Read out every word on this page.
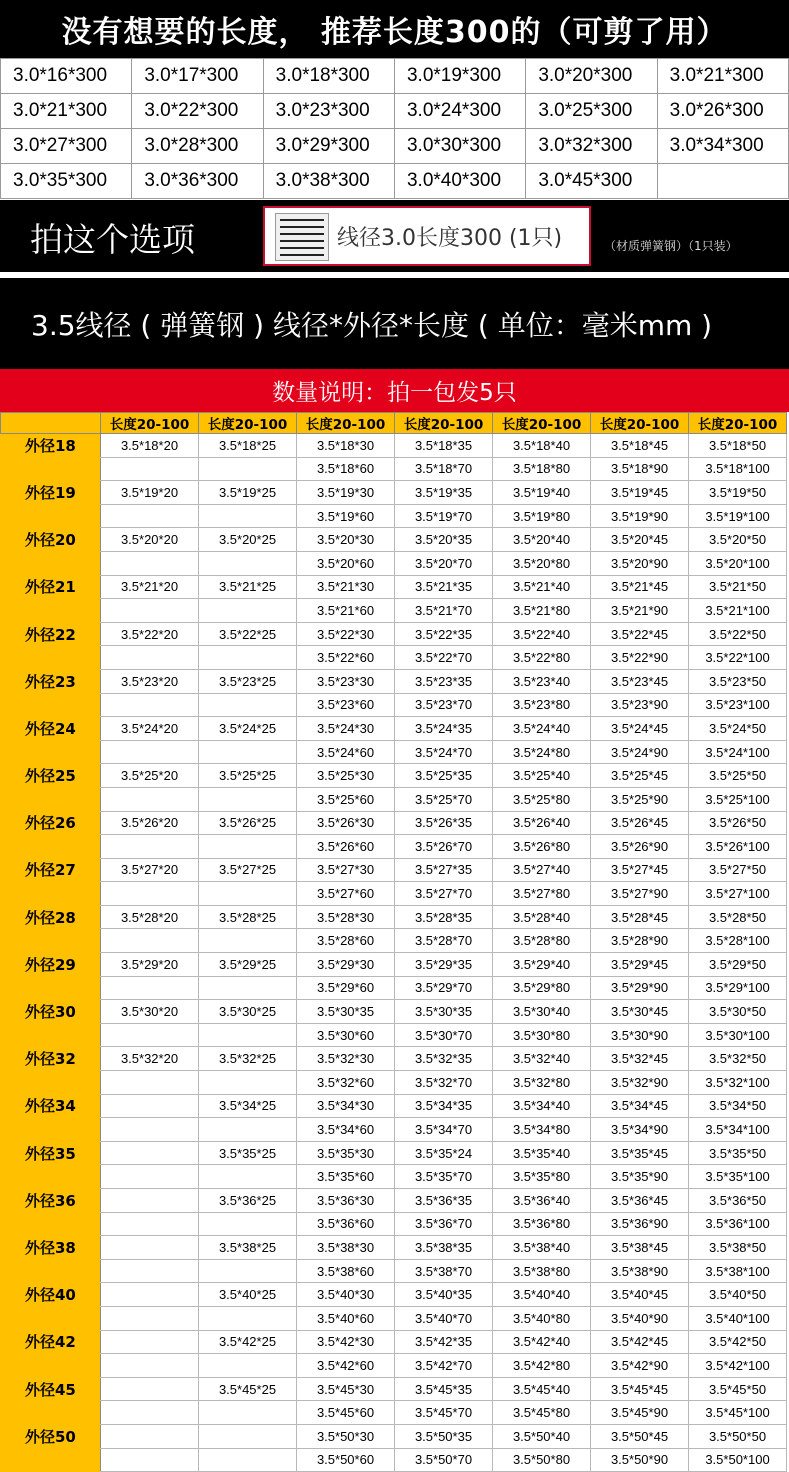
没有想要的长度， 推荐长度300的（可剪了用）
3.0*16*300	3.0*17*300	3.0*18*300	3.0*19*300	3.0*20*300	3.0*21*300
3.0*21*300	3.0*22*300	3.0*23*300	3.0*24*300	3.0*25*300	3.0*26*300
3.0*27*300	3.0*28*300	3.0*29*300	3.0*30*300	3.0*32*300	3.0*34*300
3.0*35*300	3.0*36*300	3.0*38*300	3.0*40*300	3.0*45*300	
拍这个选项	线径3.0长度300 (1只)	（材质弹簧钢）（1只装）
3.5线径 ( 弹簧钢 ) 线径*外径*长度 ( 单位：毫米mm )
数量说明：拍一包发5只
	长度20-100	长度20-100	长度20-100	长度20-100	长度20-100	长度20-100	长度20-100
外径18	3.5*18*20	3.5*18*25	3.5*18*30	3.5*18*35	3.5*18*40	3.5*18*45	3.5*18*50
			3.5*18*60	3.5*18*70	3.5*18*80	3.5*18*90	3.5*18*100
外径19	3.5*19*20	3.5*19*25	3.5*19*30	3.5*19*35	3.5*19*40	3.5*19*45	3.5*19*50
			3.5*19*60	3.5*19*70	3.5*19*80	3.5*19*90	3.5*19*100
外径20	3.5*20*20	3.5*20*25	3.5*20*30	3.5*20*35	3.5*20*40	3.5*20*45	3.5*20*50
			3.5*20*60	3.5*20*70	3.5*20*80	3.5*20*90	3.5*20*100
外径21	3.5*21*20	3.5*21*25	3.5*21*30	3.5*21*35	3.5*21*40	3.5*21*45	3.5*21*50
			3.5*21*60	3.5*21*70	3.5*21*80	3.5*21*90	3.5*21*100
外径22	3.5*22*20	3.5*22*25	3.5*22*30	3.5*22*35	3.5*22*40	3.5*22*45	3.5*22*50
			3.5*22*60	3.5*22*70	3.5*22*80	3.5*22*90	3.5*22*100
外径23	3.5*23*20	3.5*23*25	3.5*23*30	3.5*23*35	3.5*23*40	3.5*23*45	3.5*23*50
			3.5*23*60	3.5*23*70	3.5*23*80	3.5*23*90	3.5*23*100
外径24	3.5*24*20	3.5*24*25	3.5*24*30	3.5*24*35	3.5*24*40	3.5*24*45	3.5*24*50
			3.5*24*60	3.5*24*70	3.5*24*80	3.5*24*90	3.5*24*100
外径25	3.5*25*20	3.5*25*25	3.5*25*30	3.5*25*35	3.5*25*40	3.5*25*45	3.5*25*50
			3.5*25*60	3.5*25*70	3.5*25*80	3.5*25*90	3.5*25*100
外径26	3.5*26*20	3.5*26*25	3.5*26*30	3.5*26*35	3.5*26*40	3.5*26*45	3.5*26*50
			3.5*26*60	3.5*26*70	3.5*26*80	3.5*26*90	3.5*26*100
外径27	3.5*27*20	3.5*27*25	3.5*27*30	3.5*27*35	3.5*27*40	3.5*27*45	3.5*27*50
			3.5*27*60	3.5*27*70	3.5*27*80	3.5*27*90	3.5*27*100
外径28	3.5*28*20	3.5*28*25	3.5*28*30	3.5*28*35	3.5*28*40	3.5*28*45	3.5*28*50
			3.5*28*60	3.5*28*70	3.5*28*80	3.5*28*90	3.5*28*100
外径29	3.5*29*20	3.5*29*25	3.5*29*30	3.5*29*35	3.5*29*40	3.5*29*45	3.5*29*50
			3.5*29*60	3.5*29*70	3.5*29*80	3.5*29*90	3.5*29*100
外径30	3.5*30*20	3.5*30*25	3.5*30*35	3.5*30*35	3.5*30*40	3.5*30*45	3.5*30*50
			3.5*30*60	3.5*30*70	3.5*30*80	3.5*30*90	3.5*30*100
外径32	3.5*32*20	3.5*32*25	3.5*32*30	3.5*32*35	3.5*32*40	3.5*32*45	3.5*32*50
			3.5*32*60	3.5*32*70	3.5*32*80	3.5*32*90	3.5*32*100
外径34		3.5*34*25	3.5*34*30	3.5*34*35	3.5*34*40	3.5*34*45	3.5*34*50
			3.5*34*60	3.5*34*70	3.5*34*80	3.5*34*90	3.5*34*100
外径35		3.5*35*25	3.5*35*30	3.5*35*24	3.5*35*40	3.5*35*45	3.5*35*50
			3.5*35*60	3.5*35*70	3.5*35*80	3.5*35*90	3.5*35*100
外径36		3.5*36*25	3.5*36*30	3.5*36*35	3.5*36*40	3.5*36*45	3.5*36*50
			3.5*36*60	3.5*36*70	3.5*36*80	3.5*36*90	3.5*36*100
外径38		3.5*38*25	3.5*38*30	3.5*38*35	3.5*38*40	3.5*38*45	3.5*38*50
			3.5*38*60	3.5*38*70	3.5*38*80	3.5*38*90	3.5*38*100
外径40		3.5*40*25	3.5*40*30	3.5*40*35	3.5*40*40	3.5*40*45	3.5*40*50
			3.5*40*60	3.5*40*70	3.5*40*80	3.5*40*90	3.5*40*100
外径42		3.5*42*25	3.5*42*30	3.5*42*35	3.5*42*40	3.5*42*45	3.5*42*50
			3.5*42*60	3.5*42*70	3.5*42*80	3.5*42*90	3.5*42*100
外径45		3.5*45*25	3.5*45*30	3.5*45*35	3.5*45*40	3.5*45*45	3.5*45*50
			3.5*45*60	3.5*45*70	3.5*45*80	3.5*45*90	3.5*45*100
外径50			3.5*50*30	3.5*50*35	3.5*50*40	3.5*50*45	3.5*50*50
			3.5*50*60	3.5*50*70	3.5*50*80	3.5*50*90	3.5*50*100
